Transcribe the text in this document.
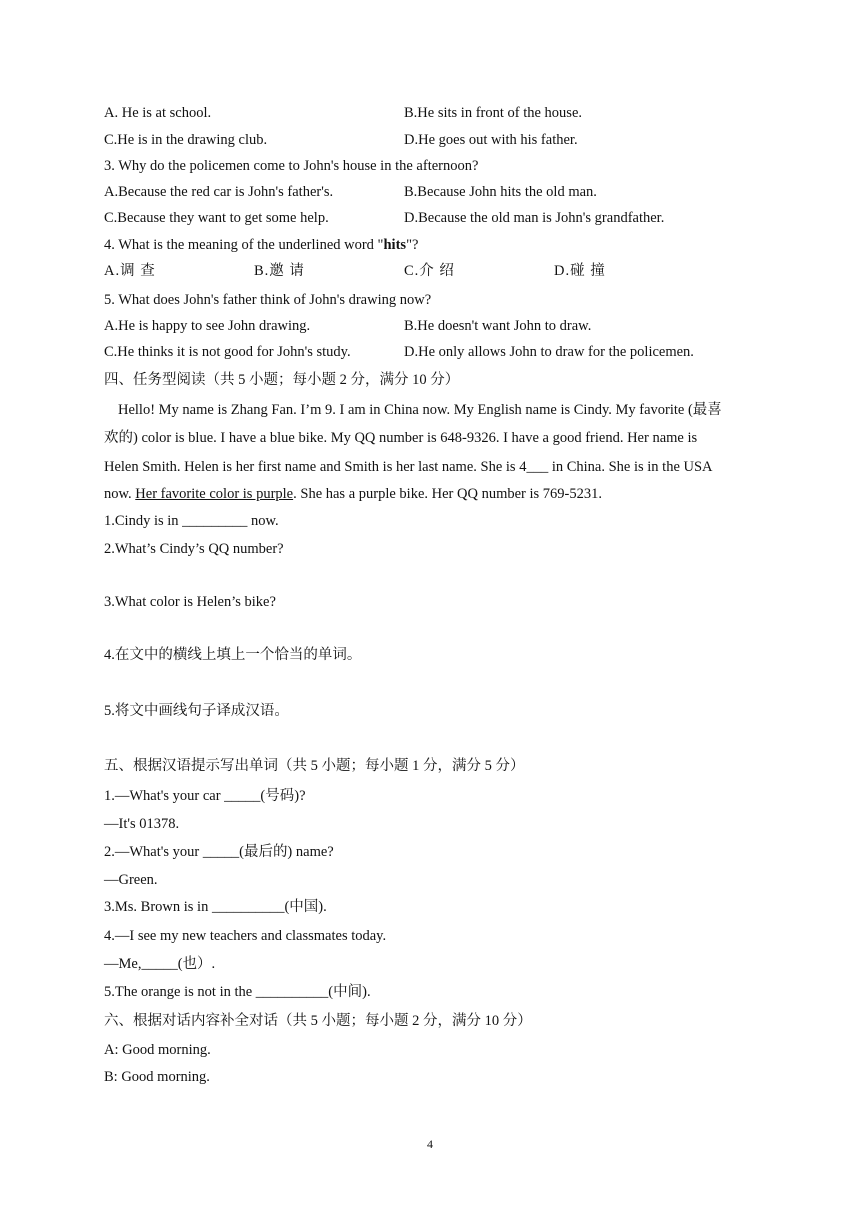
A. He is at school.	B.He sits in front of the house.
C.He is in the drawing club.	D.He goes out with his father.
3. Why do the policemen come to John's house in the afternoon?
A.Because the red car is John's father's.	B.Because John hits the old man.
C.Because they want to get some help.	D.Because the old man is John's grandfather.
4. What is the meaning of the underlined word "hits"?
A.调 查	B.邀 请	C.介 绍	D.碰 撞
5. What does John's father think of John's drawing now?
A.He is happy to see John drawing.	B.He doesn't want John to draw.
C.He thinks it is not good for John's study.	D.He only allows John to draw for the policemen.
四、任务型阅读（共 5 小题；每小题 2 分，满分 10 分）
Hello! My name is Zhang Fan. I’m 9. I am in China now. My English name is Cindy. My favorite (最喜
欢的) color is blue. I have a blue bike. My QQ number is 648-9326. I have a good friend. Her name is
Helen Smith. Helen is her first name and Smith is her last name. She is 4___ in China. She is in the USA
now. Her favorite color is purple. She has a purple bike. Her QQ number is 769-5231.
1.Cindy is in _________ now.
2.What’s Cindy’s QQ number?
3.What color is Helen’s bike?
4.在文中的横线上填上一个恰当的单词。
5.将文中画线句子译成汉语。
五、根据汉语提示写出单词（共 5 小题；每小题 1 分，满分 5 分）
1.—What's your car _____(号码)?
—It's 01378.
2.—What's your _____(最后的) name?
—Green.
3.Ms. Brown is in __________(中国).
4.—I see my new teachers and classmates today.
—Me,_____(也）.
5.The orange is not in the __________(中间).
六、根据对话内容补全对话（共 5 小题；每小题 2 分，满分 10 分）
A: Good morning.
B: Good morning.
4
